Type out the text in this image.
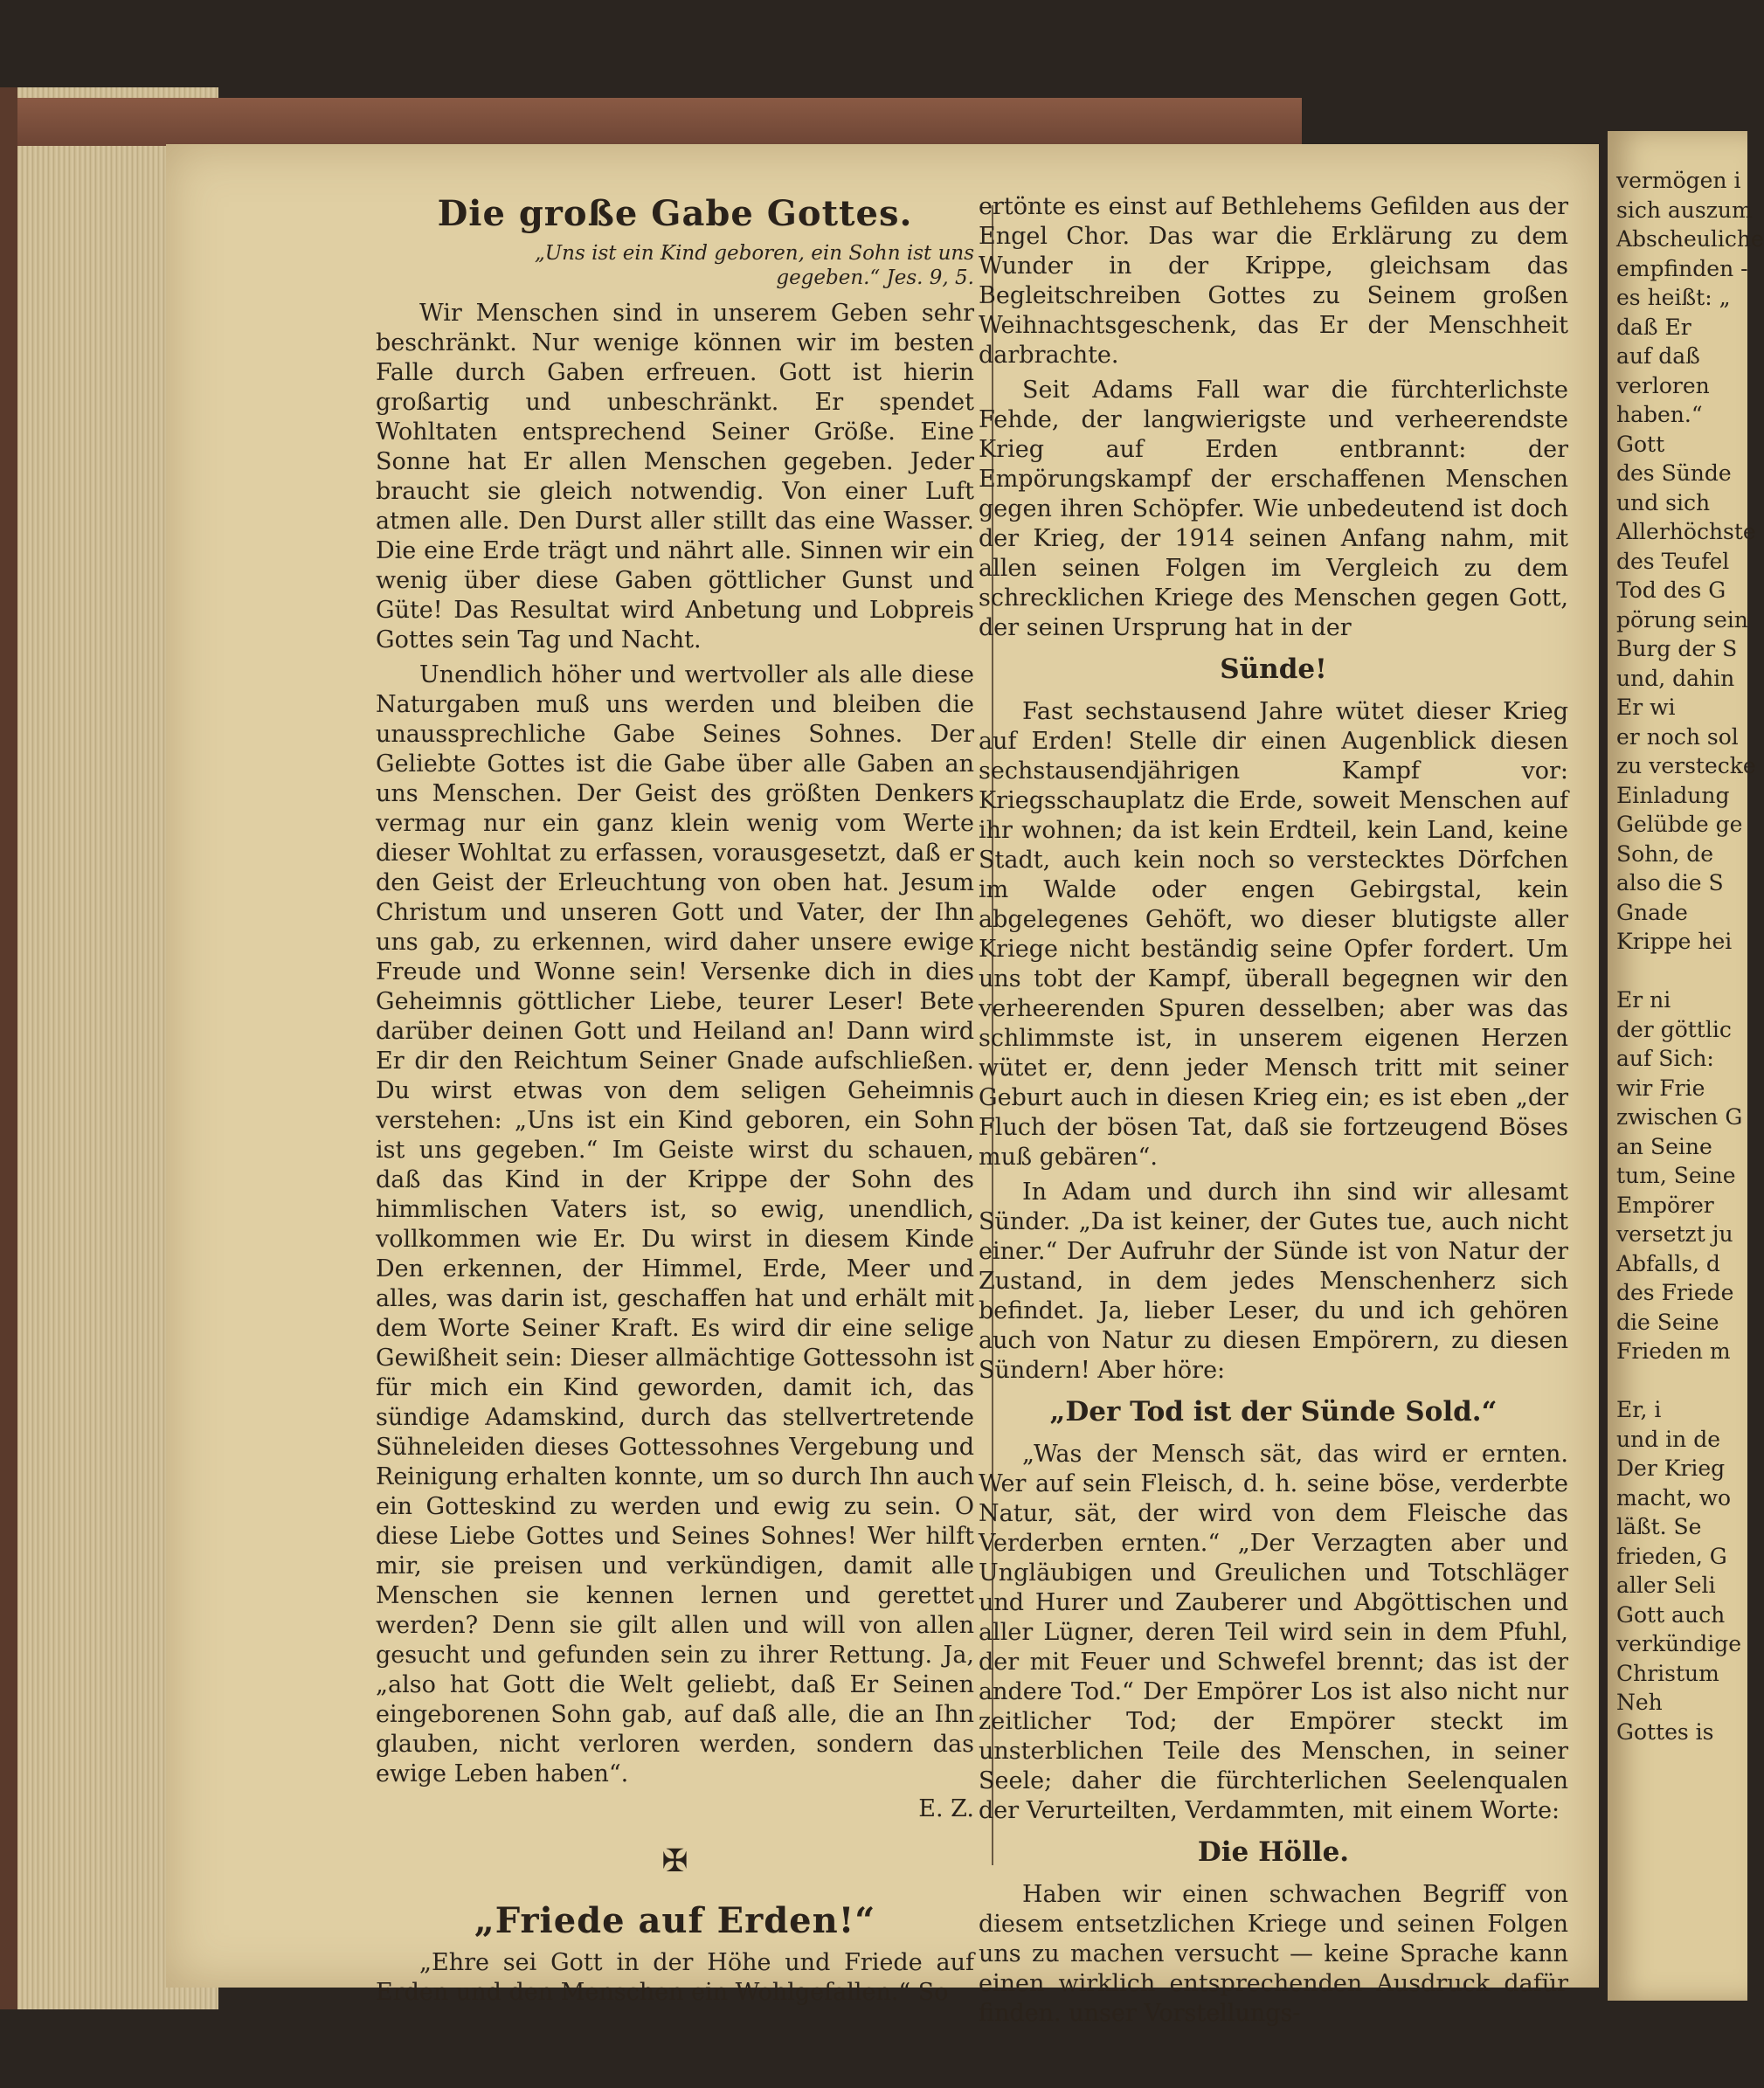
Die große Gabe Gottes.
„Uns ist ein Kind geboren, ein Sohn ist uns gegeben.“ Jes. 9, 5.

Wir Menschen sind in unserem Geben sehr beschränkt. Nur wenige können wir im besten Falle durch Gaben erfreuen. Gott ist hierin großartig und unbeschränkt. Er spendet Wohltaten entsprechend Seiner Größe. Eine Sonne hat Er allen Menschen gegeben. Jeder braucht sie gleich notwendig. Von einer Luft atmen alle. Den Durst aller stillt das eine Wasser. Die eine Erde trägt und nährt alle. Sinnen wir ein wenig über diese Gaben göttlicher Gunst und Güte! Das Resultat wird Anbetung und Lobpreis Gottes sein Tag und Nacht.

Unendlich höher und wertvoller als alle diese Naturgaben muß uns werden und bleiben die unaussprechliche Gabe Seines Sohnes. Der Geliebte Gottes ist die Gabe über alle Gaben an uns Menschen. Der Geist des größten Denkers vermag nur ein ganz klein wenig vom Werte dieser Wohltat zu erfassen, vorausgesetzt, daß er den Geist der Erleuchtung von oben hat. Jesum Christum und unseren Gott und Vater, der Ihn uns gab, zu erkennen, wird daher unsere ewige Freude und Wonne sein! Versenke dich in dies Geheimnis göttlicher Liebe, teurer Leser! Bete darüber deinen Gott und Heiland an! Dann wird Er dir den Reichtum Seiner Gnade aufschließen. Du wirst etwas von dem seligen Geheimnis verstehen: „Uns ist ein Kind geboren, ein Sohn ist uns gegeben.“ Im Geiste wirst du schauen, daß das Kind in der Krippe der Sohn des himmlischen Vaters ist, so ewig, unendlich, vollkommen wie Er. Du wirst in diesem Kinde Den erkennen, der Himmel, Erde, Meer und alles, was darin ist, geschaffen hat und erhält mit dem Worte Seiner Kraft. Es wird dir eine selige Gewißheit sein: Dieser allmächtige Gottessohn ist für mich ein Kind geworden, damit ich, das sündige Adamskind, durch das stellvertretende Sühneleiden dieses Gottessohnes Vergebung und Reinigung erhalten konnte, um so durch Ihn auch ein Gotteskind zu werden und ewig zu sein. O diese Liebe Gottes und Seines Sohnes! Wer hilft mir, sie preisen und verkündigen, damit alle Menschen sie kennen lernen und gerettet werden? Denn sie gilt allen und will von allen gesucht und gefunden sein zu ihrer Rettung. Ja, „also hat Gott die Welt geliebt, daß Er Seinen eingeborenen Sohn gab, auf daß alle, die an Ihn glauben, nicht verloren werden, sondern das ewige Leben haben“.

E. Z.
✠
„Friede auf Erden!“

„Ehre sei Gott in der Höhe und Friede auf Erden und den Menschen ein Wohlgefallen.“ So

ertönte es einst auf Bethlehems Gefilden aus der Engel Chor. Das war die Erklärung zu dem Wunder in der Krippe, gleichsam das Begleitschreiben Gottes zu Seinem großen Weihnachtsgeschenk, das Er der Menschheit darbrachte.

Seit Adams Fall war die fürchterlichste Fehde, der langwierigste und verheerendste Krieg auf Erden entbrannt: der Empörungskampf der erschaffenen Menschen gegen ihren Schöpfer. Wie unbedeutend ist doch der Krieg, der 1914 seinen Anfang nahm, mit allen seinen Folgen im Vergleich zu dem schrecklichen Kriege des Menschen gegen Gott, der seinen Ursprung hat in der

Sünde!

Fast sechstausend Jahre wütet dieser Krieg auf Erden! Stelle dir einen Augenblick diesen sechstausendjährigen Kampf vor: Kriegsschauplatz die Erde, soweit Menschen auf ihr wohnen; da ist kein Erdteil, kein Land, keine Stadt, auch kein noch so verstecktes Dörfchen im Walde oder engen Gebirgstal, kein abgelegenes Gehöft, wo dieser blutigste aller Kriege nicht beständig seine Opfer fordert. Um uns tobt der Kampf, überall begegnen wir den verheerenden Spuren desselben; aber was das schlimmste ist, in unserem eigenen Herzen wütet er, denn jeder Mensch tritt mit seiner Geburt auch in diesen Krieg ein; es ist eben „der Fluch der bösen Tat, daß sie fortzeugend Böses muß gebären“.

In Adam und durch ihn sind wir allesamt Sünder. „Da ist keiner, der Gutes tue, auch nicht einer.“ Der Aufruhr der Sünde ist von Natur der Zustand, in dem jedes Menschenherz sich befindet. Ja, lieber Leser, du und ich gehören auch von Natur zu diesen Empörern, zu diesen Sündern! Aber höre:

„Der Tod ist der Sünde Sold.“

„Was der Mensch sät, das wird er ernten. Wer auf sein Fleisch, d. h. seine böse, verderbte Natur, sät, der wird von dem Fleische das Verderben ernten.“ „Der Verzagten aber und Ungläubigen und Greulichen und Totschläger und Hurer und Zauberer und Abgöttischen und aller Lügner, deren Teil wird sein in dem Pfuhl, der mit Feuer und Schwefel brennt; das ist der andere Tod.“ Der Empörer Los ist also nicht nur zeitlicher Tod; der Empörer steckt im unsterblichen Teile des Menschen, in seiner Seele; daher die fürchterlichen Seelenqualen der Verurteilten, Verdammten, mit einem Worte:

Die Hölle.

Haben wir einen schwachen Begriff von diesem entsetzlichen Kriege und seinen Folgen uns zu machen versucht — keine Sprache kann einen wirklich entsprechenden Ausdruck dafür finden. unser Vorstellungs-

vermögen i
sich auszum
Abscheuliche
empfinden -
es heißt: „
daß Er
auf daß
verloren
haben.“
Gott
des Sünde
und sich
Allerhöchste
des Teufel
Tod des G
pörung sein
Burg der S
und, dahin
Er wi
er noch sol
zu verstecke
Einladung
Gelübde ge
Sohn, de
also die S
Gnade
Krippe hei
Er ni
der göttlic
auf Sich:
wir Frie
zwischen G
an Seine
tum, Seine
Empörer
versetzt ju
Abfalls, d
des Friede
die Seine
Frieden m
Er, i
und in de
Der Krieg
macht, wo
läßt. Se
frieden, G
aller Seli
Gott auch
verkündige
Christum
Neh
Gottes is
